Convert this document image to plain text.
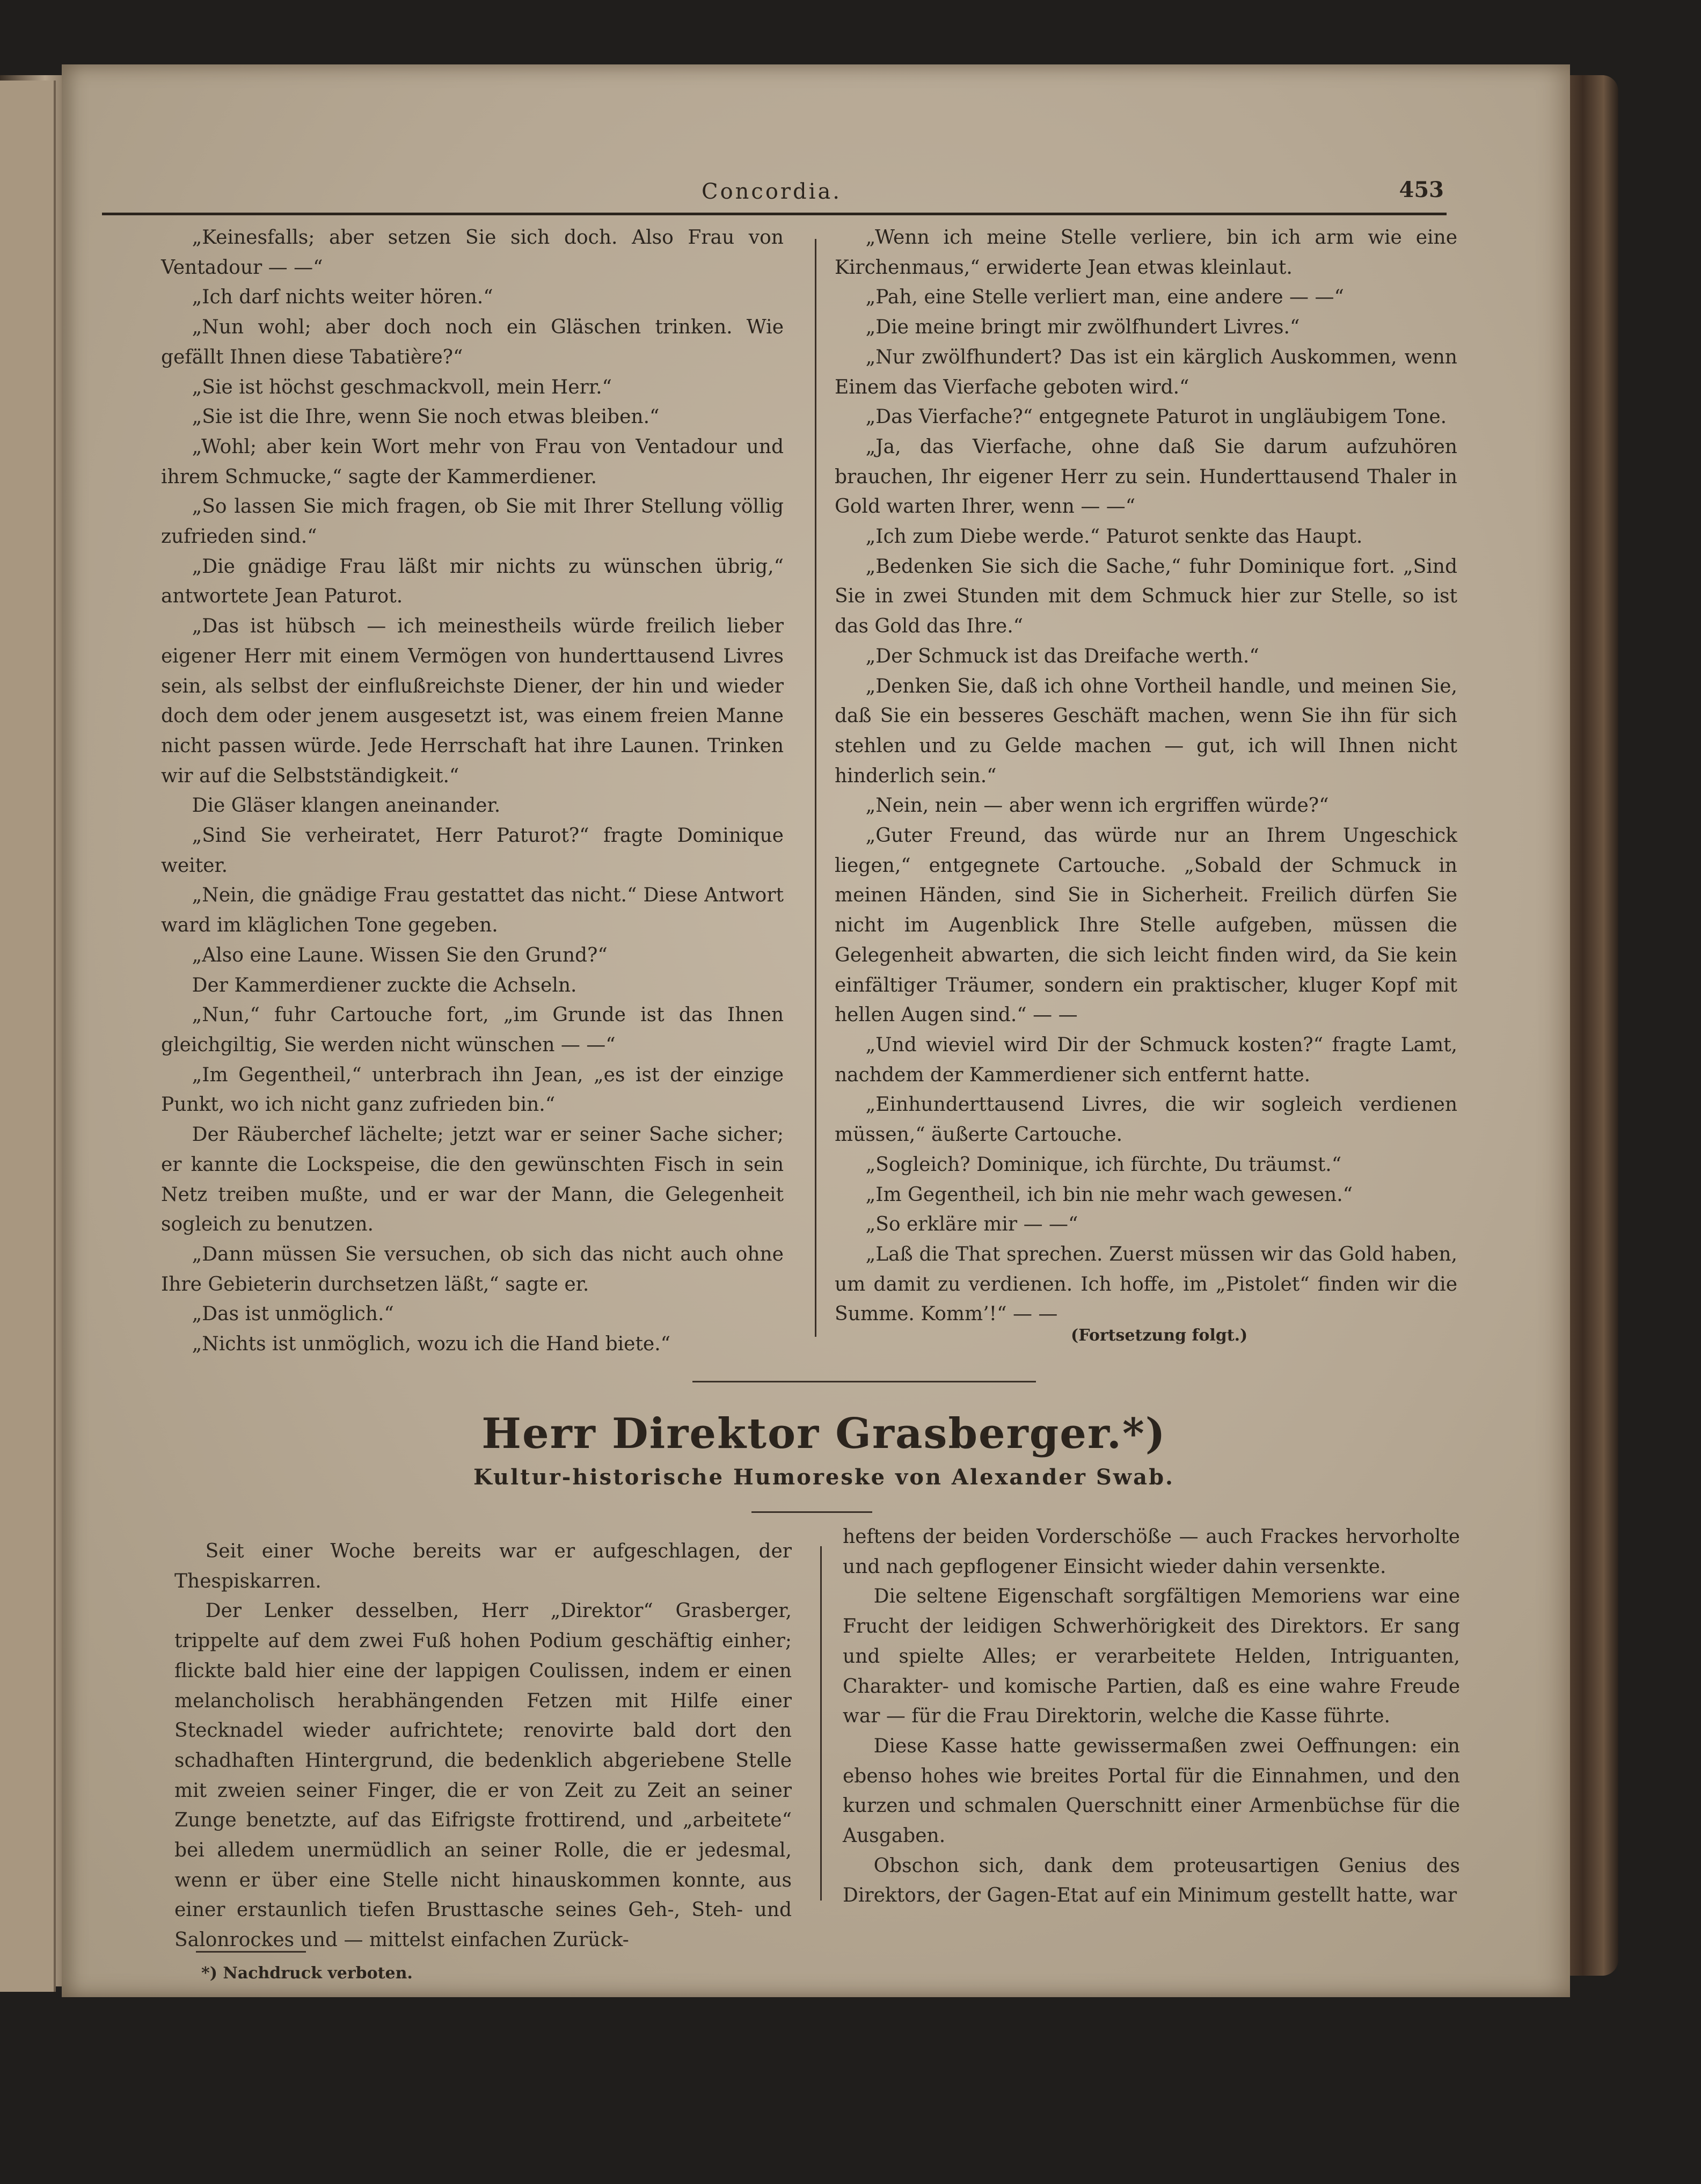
Concordia.	453

„Keinesfalls; aber setzen Sie sich doch. Also Frau von Ventadour — —“

„Ich darf nichts weiter hören.“

„Nun wohl; aber doch noch ein Gläschen trinken. Wie gefällt Ihnen diese Tabatière?“

„Sie ist höchst geschmackvoll, mein Herr.“

„Sie ist die Ihre, wenn Sie noch etwas bleiben.“

„Wohl; aber kein Wort mehr von Frau von Ventadour und ihrem Schmucke,“ sagte der Kammerdiener.

„So lassen Sie mich fragen, ob Sie mit Ihrer Stellung völlig zufrieden sind.“

„Die gnädige Frau läßt mir nichts zu wünschen übrig,“ antwortete Jean Paturot.

„Das ist hübsch — ich meinestheils würde freilich lieber eigener Herr mit einem Vermögen von hunderttausend Livres sein, als selbst der einflußreichste Diener, der hin und wieder doch dem oder jenem ausgesetzt ist, was einem freien Manne nicht passen würde. Jede Herrschaft hat ihre Launen. Trinken wir auf die Selbstständigkeit.“

Die Gläser klangen aneinander.

„Sind Sie verheiratet, Herr Paturot?“ fragte Dominique weiter.

„Nein, die gnädige Frau gestattet das nicht.“ Diese Antwort ward im kläglichen Tone gegeben.

„Also eine Laune. Wissen Sie den Grund?“

Der Kammerdiener zuckte die Achseln.

„Nun,“ fuhr Cartouche fort, „im Grunde ist das Ihnen gleichgiltig, Sie werden nicht wünschen — —“

„Im Gegentheil,“ unterbrach ihn Jean, „es ist der einzige Punkt, wo ich nicht ganz zufrieden bin.“

Der Räuberchef lächelte; jetzt war er seiner Sache sicher; er kannte die Lockspeise, die den gewünschten Fisch in sein Netz treiben mußte, und er war der Mann, die Gelegenheit sogleich zu benutzen.

„Dann müssen Sie versuchen, ob sich das nicht auch ohne Ihre Gebieterin durchsetzen läßt,“ sagte er.

„Das ist unmöglich.“

„Nichts ist unmöglich, wozu ich die Hand biete.“

„Wenn ich meine Stelle verliere, bin ich arm wie eine Kirchenmaus,“ erwiderte Jean etwas kleinlaut.

„Pah, eine Stelle verliert man, eine andere — —“

„Die meine bringt mir zwölfhundert Livres.“

„Nur zwölfhundert? Das ist ein kärglich Auskommen, wenn Einem das Vierfache geboten wird.“

„Das Vierfache?“ entgegnete Paturot in ungläubigem Tone.

„Ja, das Vierfache, ohne daß Sie darum aufzuhören brauchen, Ihr eigener Herr zu sein. Hunderttausend Thaler in Gold warten Ihrer, wenn — —“

„Ich zum Diebe werde.“ Paturot senkte das Haupt.

„Bedenken Sie sich die Sache,“ fuhr Dominique fort. „Sind Sie in zwei Stunden mit dem Schmuck hier zur Stelle, so ist das Gold das Ihre.“

„Der Schmuck ist das Dreifache werth.“

„Denken Sie, daß ich ohne Vortheil handle, und meinen Sie, daß Sie ein besseres Geschäft machen, wenn Sie ihn für sich stehlen und zu Gelde machen — gut, ich will Ihnen nicht hinderlich sein.“

„Nein, nein — aber wenn ich ergriffen würde?“

„Guter Freund, das würde nur an Ihrem Ungeschick liegen,“ entgegnete Cartouche. „Sobald der Schmuck in meinen Händen, sind Sie in Sicherheit. Freilich dürfen Sie nicht im Augenblick Ihre Stelle aufgeben, müssen die Gelegenheit abwarten, die sich leicht finden wird, da Sie kein einfältiger Träumer, sondern ein praktischer, kluger Kopf mit hellen Augen sind.“ — —

„Und wieviel wird Dir der Schmuck kosten?“ fragte Lamt, nachdem der Kammerdiener sich entfernt hatte.

„Einhunderttausend Livres, die wir sogleich verdienen müssen,“ äußerte Cartouche.

„Sogleich? Dominique, ich fürchte, Du träumst.“

„Im Gegentheil, ich bin nie mehr wach gewesen.“

„So erkläre mir — —“

„Laß die That sprechen. Zuerst müssen wir das Gold haben, um damit zu verdienen. Ich hoffe, im „Pistolet“ finden wir die Summe. Komm’!“ — —

(Fortsetzung folgt.)
Herr Direktor Grasberger.*)
Kultur-historische Humoreske von Alexander Swab.

Seit einer Woche bereits war er aufgeschlagen, der Thespiskarren.

Der Lenker desselben, Herr „Direktor“ Grasberger, trippelte auf dem zwei Fuß hohen Podium geschäftig einher; flickte bald hier eine der lappigen Coulissen, indem er einen melancholisch herabhängenden Fetzen mit Hilfe einer Stecknadel wieder aufrichtete; renovirte bald dort den schadhaften Hintergrund, die bedenklich abgeriebene Stelle mit zweien seiner Finger, die er von Zeit zu Zeit an seiner Zunge benetzte, auf das Eifrigste frottirend, und „arbeitete“ bei alledem unermüdlich an seiner Rolle, die er jedesmal, wenn er über eine Stelle nicht hinauskommen konnte, aus einer erstaunlich tiefen Brusttasche seines Geh-, Steh- und Salonrockes und — mittelst einfachen Zurück-

heftens der beiden Vorderschöße — auch Frackes hervorholte und nach gepflogener Einsicht wieder dahin versenkte.

Die seltene Eigenschaft sorgfältigen Memoriens war eine Frucht der leidigen Schwerhörigkeit des Direktors. Er sang und spielte Alles; er verarbeitete Helden, Intriguanten, Charakter- und komische Partien, daß es eine wahre Freude war — für die Frau Direktorin, welche die Kasse führte.

Diese Kasse hatte gewissermaßen zwei Oeffnungen: ein ebenso hohes wie breites Portal für die Einnahmen, und den kurzen und schmalen Querschnitt einer Armenbüchse für die Ausgaben.

Obschon sich, dank dem proteusartigen Genius des Direktors, der Gagen-Etat auf ein Minimum gestellt hatte, war

*) Nachdruck verboten.
